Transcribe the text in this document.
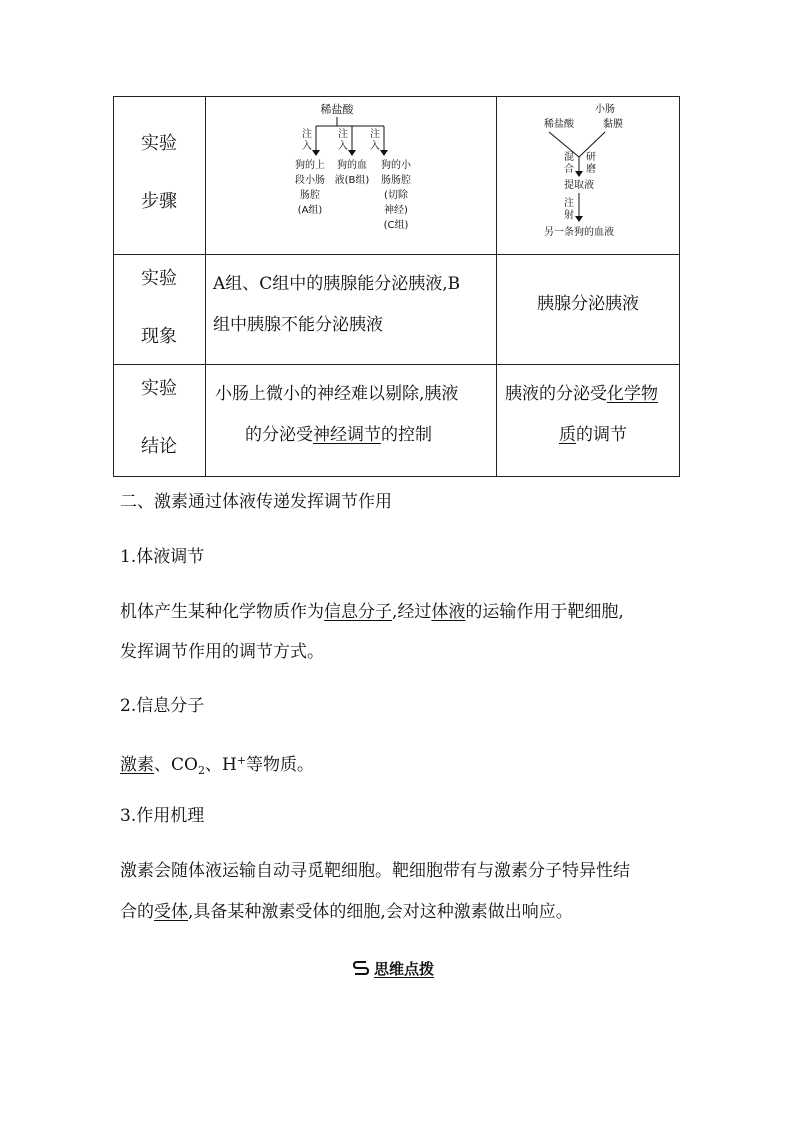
实验
步骤
实验
现象
实验
结论
稀盐酸
注
入
注
入
注
入
狗的上
段小肠
肠腔
(A组)
狗的血
液(B组)
狗的小
肠肠腔
(切除
神经)
(C组)
小肠
黏膜
稀盐酸
混
合
研
磨
提取液
注
射
另一条狗的血液
A组、C组中的胰腺能分泌胰液,B
组中胰腺不能分泌胰液
胰腺分泌胰液
小肠上微小的神经难以剔除,胰液
的分泌受神经调节的控制
胰液的分泌受化学物
质的调节
二、激素通过体液传递发挥调节作用
1.体液调节
机体产生某种化学物质作为信息分子,经过体液的运输作用于靶细胞,
发挥调节作用的调节方式。
2.信息分子
激素、$CO_2$、H+等物质。
3.作用机理
激素会随体液运输自动寻觅靶细胞。靶细胞带有与激素分子特异性结
合的受体,具备某种激素受体的细胞,会对这种激素做出响应。
思维点拨
